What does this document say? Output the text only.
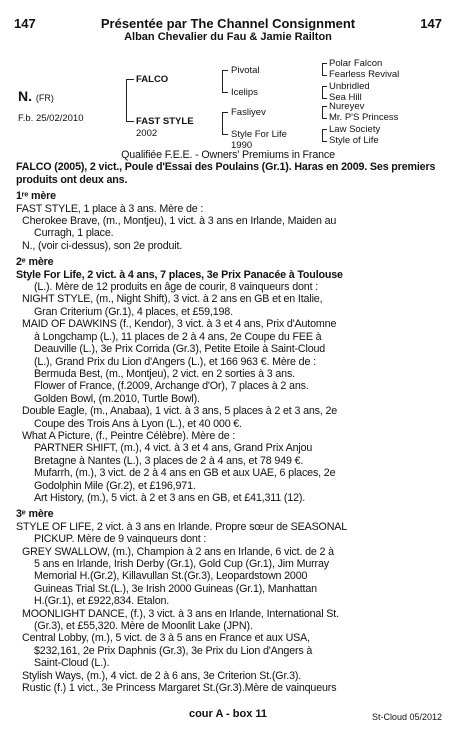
147	147
Présentée par The Channel Consignment
Alban Chevalier du Fau & Jamie Railton
N. (FR)
F.b. 25/02/2010
FALCO
FAST STYLE
2002
Pivotal
Icelips
Fasliyev
Style For Life
1990
Polar Falcon
Fearless Revival
Unbridled
Sea Hill
Nureyev
Mr. P'S Princess
Law Society
Style of Life

Qualifiée F.E.E. - Owners' Premiums in France

FALCO (2005), 2 vict., Poule d'Essai des Poulains (Gr.1). Haras en 2009. Ses premiers produits ont deux ans.

1ʳᵉ mère

FAST STYLE, 1 place à 3 ans. Mère de :

Cherokee Brave, (m., Montjeu), 1 vict. à 3 ans en Irlande, Maiden au

Curragh, 1 place.

N., (voir ci-dessus), son 2e produit.

2ᵉ mère

Style For Life, 2 vict. à 4 ans, 7 places, 3e Prix Panacée à Toulouse

(L.). Mère de 12 produits en âge de courir, 8 vainqueurs dont :

NIGHT STYLE, (m., Night Shift), 3 vict. à 2 ans en GB et en Italie,

Gran Criterium (Gr.1), 4 places, et £59,198.

MAID OF DAWKINS (f., Kendor), 3 vict. à 3 et 4 ans, Prix d'Automne

à Longchamp (L.), 11 places de 2 à 4 ans, 2e Coupe du FEE à

Deauville (L.), 3e Prix Corrida (Gr.3), Petite Etoile à Saint-Cloud

(L.), Grand Prix du Lion d'Angers (L.), et 166 963 €. Mère de :

Bermuda Best, (m., Montjeu), 2 vict. en 2 sorties à 3 ans.

Flower of France, (f.2009, Archange d'Or), 7 places à 2 ans.

Golden Bowl, (m.2010, Turtle Bowl).

Double Eagle, (m., Anabaa), 1 vict. à 3 ans, 5 places à 2 et 3 ans, 2e

Coupe des Trois Ans à Lyon (L.), et 40 000 €.

What A Picture, (f., Peintre Célèbre). Mère de :

PARTNER SHIFT, (m.), 4 vict. à 3 et 4 ans, Grand Prix Anjou

Bretagne à Nantes (L.), 3 places de 2 à 4 ans, et 78 949 €.

Mufarrh, (m.), 3 vict. de 2 à 4 ans en GB et aux UAE, 6 places, 2e

Godolphin Mile (Gr.2), et £196,971.

Art History, (m.), 5 vict. à 2 et 3 ans en GB, et £41,311 (12).

3ᵉ mère

STYLE OF LIFE, 2 vict. à 3 ans en Irlande. Propre sœur de SEASONAL

PICKUP. Mère de 9 vainqueurs dont :

GREY SWALLOW, (m.), Champion à 2 ans en Irlande, 6 vict. de 2 à

5 ans en Irlande, Irish Derby (Gr.1), Gold Cup (Gr.1), Jim Murray

Memorial H.(Gr.2), Killavullan St.(Gr.3), Leopardstown 2000

Guineas Trial St.(L.), 3e Irish 2000 Guineas (Gr.1), Manhattan

H.(Gr.1), et £922,834. Etalon.

MOONLIGHT DANCE, (f.), 3 vict. à 3 ans en Irlande, International St.

(Gr.3), et £55,320. Mère de Moonlit Lake (JPN).

Central Lobby, (m.), 5 vict. de 3 à 5 ans en France et aux USA,

$232,161, 2e Prix Daphnis (Gr.3), 3e Prix du Lion d'Angers à

Saint-Cloud (L.).

Stylish Ways, (m.), 4 vict. de 2 à 6 ans, 3e Criterion St.(Gr.3).

Rustic (f.) 1 vict., 3e Princess Margaret St.(Gr.3).Mère de vainqueurs

cour A - box 11	St-Cloud 05/2012
